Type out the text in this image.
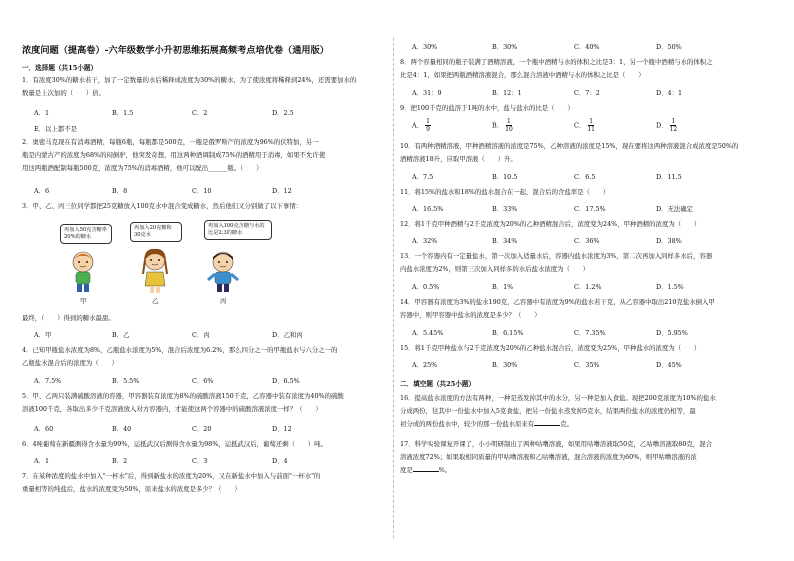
浓度问题（提高卷）-六年级数学小升初思维拓展高频考点培优卷（通用版）
一．选择题（共15小题）

1．有浓度30%的糖水若干，加了一定数量的水后稀释成浓度为30%的糖水，为了使浓度将稀释到24%，还需要加水的

数量是上次加的（　　）倍。

A．1	B．1.5	C．2	D．2.5
E．以上都不是

2．奥密马克现在有消毒酒精，每瓶6瓶，每瓶都是500克，一瓶是俄罗斯产的浓度为96%的伏特加，另一

瓶是内蒙古产的浓度为68%的闷倒驴，他突发奇想，用这两种酒调制成75%的酒精用于消毒，如果不允许使

用这两瓶酒配制每瓶500克，浓度为75%的消毒酒精，他可以配出______瓶。（　　）

A．6	B．8	C．10	D．12

3．甲、乙、丙三位同学都把25克糖放入100克水中混合变成糖水，然后他们又分别做了以下事情：

再加入50克含糖率20%的糖水
再加入20克糖和30克水
再加入100克含糖与水的比是2:3的糖水
甲	乙	丙
最终，（　　）得到的糖水最甜。
A．甲	B．乙	C．丙	D．乙和丙

4．已知甲瓶盐水浓度为8%，乙瓶盐水浓度为5%，混合后浓度为6.2%，那么四分之一的甲瓶盐水与六分之一的

乙瓶盐水混合后的浓度为（　　）

A．7.5%	B．5.5%	C．6%	D．6.5%

5．甲、乙两只装满硫酸溶液的容器，甲容器装有浓度为8%的硫酸溶液150千克，乙容器中装有浓度为40%的硫酸

溶液100千克，各取出多少千克溶液放入对方容器内，才能使这两个容器中的硫酸溶液浓度一样？（　　）

A．60	B．40	C．20	D．12
6．4吨葡萄在新疆测得含水量为99%，运抵武汉后测得含水量为98%，运抵武汉后，葡萄还剩（　　）吨。
A．1	B．2	C．3	D．4

7．在某种浓度的盐水中加入"一杯水"后，得到新盐水的浓度为20%，又在新盐水中加入与前面"一杯水"的

重量相等的纯盐后，盐水的浓度变为50%，原来盐水的浓度是多少？（　　）

A．30%	B．30%	C．40%	D．50%

8．两个容量相同的瓶子装满了酒精溶液，一个瓶中酒精与水的体积之比是3：1，另一个瓶中酒精与水的体积之

比是4：1，如果把两瓶酒精溶液混合，那么混合溶液中酒精与水的体积之比是（　　）

A．31：9	B．12：1	C．7：2	D．4：1
9．把100千克的盐溶于1吨的水中，盐与盐水的比是（　　）
A． $\frac{1}{9}$	B． $\frac{1}{10}$	C． $\frac{1}{11}$	D． $\frac{1}{12}$

10．有两种酒精溶液，甲种酒精溶液的浓度是75%，乙种溶液的浓度是15%，现在要将这两种溶液混合成浓度是50%的

酒精溶液18升，应取甲溶液（　　）升。

A．7.5	B．10.5	C．6.5	D．11.5
11．将15%的盐水和18%的盐水混合在一起，混合后的含盐率是（　　）
A．16.5%	B．33%	C．17.5%	D．无法确定
12．将1千克甲种酒精与2千克浓度为20%的乙种酒精混合后，浓度变为24%，甲种酒精的浓度为（　　）
A．32%	B．34%	C．36%	D．38%

13．一个容器内有一定量盐水，第一次加入适量水后，容器内盐水浓度为3%，第二次再加入同样多水后，容器

内盐水浓度为2%，则第三次加入同样多的水后盐水浓度为（　　）

A．0.5%	B．1%	C．1.2%	D．1.5%

14．甲容器有浓度为3%的盐水190克，乙容器中有浓度为9%的盐水若干克，从乙容器中取出210克盐水倒入甲

容器中，则甲容器中盐水的浓度是多少？（　　）

A．5.45%	B．6.15%	C．7.35%	D．5.95%
15．将1千克甲种盐水与2千克浓度为20%的乙种盐水混合后，浓度变为25%，甲种盐水的浓度为（　　）
A．25%	B．30%	C．35%	D．45%
二．填空题（共25小题）

16．提高盐水浓度的方法有两种，一种是蒸发掉其中的水分，另一种是加入食盐。现把200克浓度为10%的盐水

分成两份，往其中一份盐水中加入5克食盐，把另一份盐水蒸发掉5克水，结果两份盐水的浓度仍相等，最

初分成的两份盐水中，较少的那一份盐水原来有	克。

17．科学实验课复开课了，小小明研制出了两种咕噜溶液，如果用咕噜溶液取50克，乙咕噜溶液取80克，混合

溶液浓度72%；如果取相同质量的甲咕噜溶液和乙咕噜溶液，混合溶液的浓度为60%，则甲咕噜溶液的浓

度是	%。
